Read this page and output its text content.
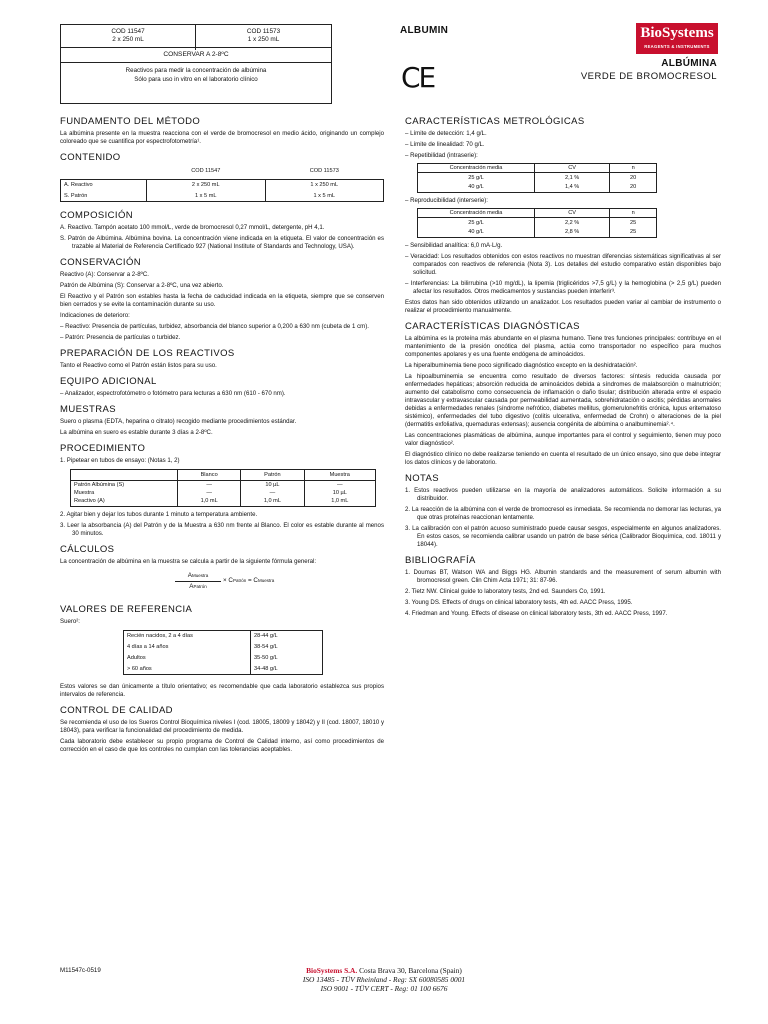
COD 11547
2 x 250 mL
COD 11573
1 x 250 mL
CONSERVAR A 2-8ºC
Reactivos para medir la concentración de albúmina
Sólo para uso in vitro en el laboratorio clínico
ALBUMIN
CE
BioSystems
REAGENTS & INSTRUMENTS
ALBÚMINA
VERDE DE BROMOCRESOL
FUNDAMENTO DEL MÉTODO

La albúmina presente en la muestra reacciona con el verde de bromocresol en medio ácido, originando un complejo coloreado que se cuantifica por espectrofotometría¹.

CONTENIDO
	COD 11547	COD 11573

A. Reactivo	2 x 250 mL	1 x 250 mL
S. Patrón	1 x 5 mL	1 x 5 mL
COMPOSICIÓN
A. Reactivo. Tampón acetato 100 mmol/L, verde de bromocresol 0,27 mmol/L, detergente, pH 4,1.
S. Patrón de Albúmina. Albúmina bovina. La concentración viene indicada en la etiqueta. El valor de concentración es trazable al Material de Referencia Certificado 927 (National Institute of Standards and Technology, USA).
CONSERVACIÓN

Reactivo (A): Conservar a 2-8ºC.

Patrón de Albúmina (S): Conservar a 2-8ºC, una vez abierto.

El Reactivo y el Patrón son estables hasta la fecha de caducidad indicada en la etiqueta, siempre que se conserven bien cerrados y se evite la contaminación durante su uso.

Indicaciones de deterioro:

– Reactivo: Presencia de partículas, turbidez, absorbancia del blanco superior a 0,200 a 630 nm (cubeta de 1 cm).
– Patrón: Presencia de partículas o turbidez.
PREPARACIÓN DE LOS REACTIVOS

Tanto el Reactivo como el Patrón están listos para su uso.

EQUIPO ADICIONAL

– Analizador, espectrofotómetro o fotómetro para lecturas a 630 nm (610 - 670 nm).

MUESTRAS

Suero o plasma (EDTA, heparina o citrato) recogido mediante procedimientos estándar.

La albúmina en suero es estable durante 3 días a 2-8ºC.

PROCEDIMIENTO

1. Pipetear en tubos de ensayo: (Notas 1, 2)

	Blanco	Patrón	Muestra
Patrón Albúmina (S)	—	10 µL	—
Muestra	—	—	10 µL
Reactivo (A)	1,0 mL	1,0 mL	1,0 mL
2. Agitar bien y dejar los tubos durante 1 minuto a temperatura ambiente.
3. Leer la absorbancia (A) del Patrón y de la Muestra a 630 nm frente al Blanco. El color es estable durante al menos 30 minutos.
CÁLCULOS

La concentración de albúmina en la muestra se calcula a partir de la siguiente fórmula general:

AMuestra
APatrón
× CPatrón = CMuestra
VALORES DE REFERENCIA

Suero²:

Recién nacidos, 2 a 4 días	28-44 g/L
4 días a 14 años	38-54 g/L
Adultos	35-50 g/L
> 60 años	34-48 g/L

Estos valores se dan únicamente a título orientativo; es recomendable que cada laboratorio establezca sus propios intervalos de referencia.

CONTROL DE CALIDAD

Se recomienda el uso de los Sueros Control Bioquímica niveles I (cod. 18005, 18009 y 18042) y II (cod. 18007, 18010 y 18043), para verificar la funcionalidad del procedimiento de medida.

Cada laboratorio debe establecer su propio programa de Control de Calidad interno, así como procedimientos de corrección en el caso de que los controles no cumplan con las tolerancias aceptables.

CARACTERÍSTICAS METROLÓGICAS

– Límite de detección: 1,4 g/L.

– Límite de linealidad: 70 g/L.

– Repetibilidad (intraserie):

Concentración media	CV	n
25 g/L	2,1 %	20
40 g/L	1,4 %	20

– Reproducibilidad (interserie):

Concentración media	CV	n
25 g/L	2,2 %	25
40 g/L	2,8 %	25

– Sensibilidad analítica: 6,0 mA·L/g.

– Veracidad: Los resultados obtenidos con estos reactivos no muestran diferencias sistemáticas significativas al ser comparados con reactivos de referencia (Nota 3). Los detalles del estudio comparativo están disponibles bajo solicitud.
– Interferencias: La bilirrubina (>10 mg/dL), la lipemia (triglicéridos >7,5 g/L) y la hemoglobina (> 2,5 g/L) pueden afectar los resultados. Otros medicamentos y sustancias pueden interferir³.

Estos datos han sido obtenidos utilizando un analizador. Los resultados pueden variar al cambiar de instrumento o realizar el procedimiento manualmente.

CARACTERÍSTICAS DIAGNÓSTICAS

La albúmina es la proteína más abundante en el plasma humano. Tiene tres funciones principales: contribuye en el mantenimiento de la presión oncótica del plasma, actúa como transportador no específico para muchos componentes apolares y es una fuente endógena de aminoácidos.

La hiperalbuminemia tiene poco significado diagnóstico excepto en la deshidratación².

La hipoalbuminemia se encuentra como resultado de diversos factores: síntesis reducida causada por enfermedades hepáticas; absorción reducida de aminoácidos debida a síndromes de malabsorción o malnutrición; aumento del catabolismo como consecuencia de inflamación o daño tisular; distribución alterada entre el espacio intravascular y extravascular causada por permeabilidad aumentada, sobrehidratación o ascitis; pérdidas anormales debidas a enfermedades renales (síndrome nefrótico, diabetes mellitus, glomerulonefritis crónica, lupus eritematoso sistémico), enfermedades del tubo digestivo (colitis ulcerativa, enfermedad de Crohn) o alteraciones de la piel (dermatitis exfoliativa, quemaduras extensas); ausencia congénita de albúmina o analbuminemia²˒⁴.

Las concentraciones plasmáticas de albúmina, aunque importantes para el control y seguimiento, tienen muy poco valor diagnóstico².

El diagnóstico clínico no debe realizarse teniendo en cuenta el resultado de un único ensayo, sino que debe integrar los datos clínicos y de laboratorio.

NOTAS
1. Estos reactivos pueden utilizarse en la mayoría de analizadores automáticos. Solicite información a su distribuidor.
2. La reacción de la albúmina con el verde de bromocresol es inmediata. Se recomienda no demorar las lecturas, ya que otras proteínas reaccionan lentamente.
3. La calibración con el patrón acuoso suministrado puede causar sesgos, especialmente en algunos analizadores. En estos casos, se recomienda calibrar usando un patrón de base sérica (Calibrador Bioquímica, cod. 18011 y 18044).
BIBLIOGRAFÍA
1. Doumas BT, Watson WA and Biggs HG. Albumin standards and the measurement of serum albumin with bromocresol green. Clin Chim Acta 1971; 31: 87-96.
2. Tietz NW. Clinical guide to laboratory tests, 2nd ed. Saunders Co, 1991.
3. Young DS. Effects of drugs on clinical laboratory tests, 4th ed. AACC Press, 1995.
4. Friedman and Young. Effects of disease on clinical laboratory tests, 3th ed. AACC Press, 1997.
M11547c-0519	BioSystems S.A. Costa Brava 30, Barcelona (Spain)
ISO 13485 - TÜV Rheinland - Reg: SX 60080585 0001
ISO 9001 - TÜV CERT - Reg: 01 100 6676
